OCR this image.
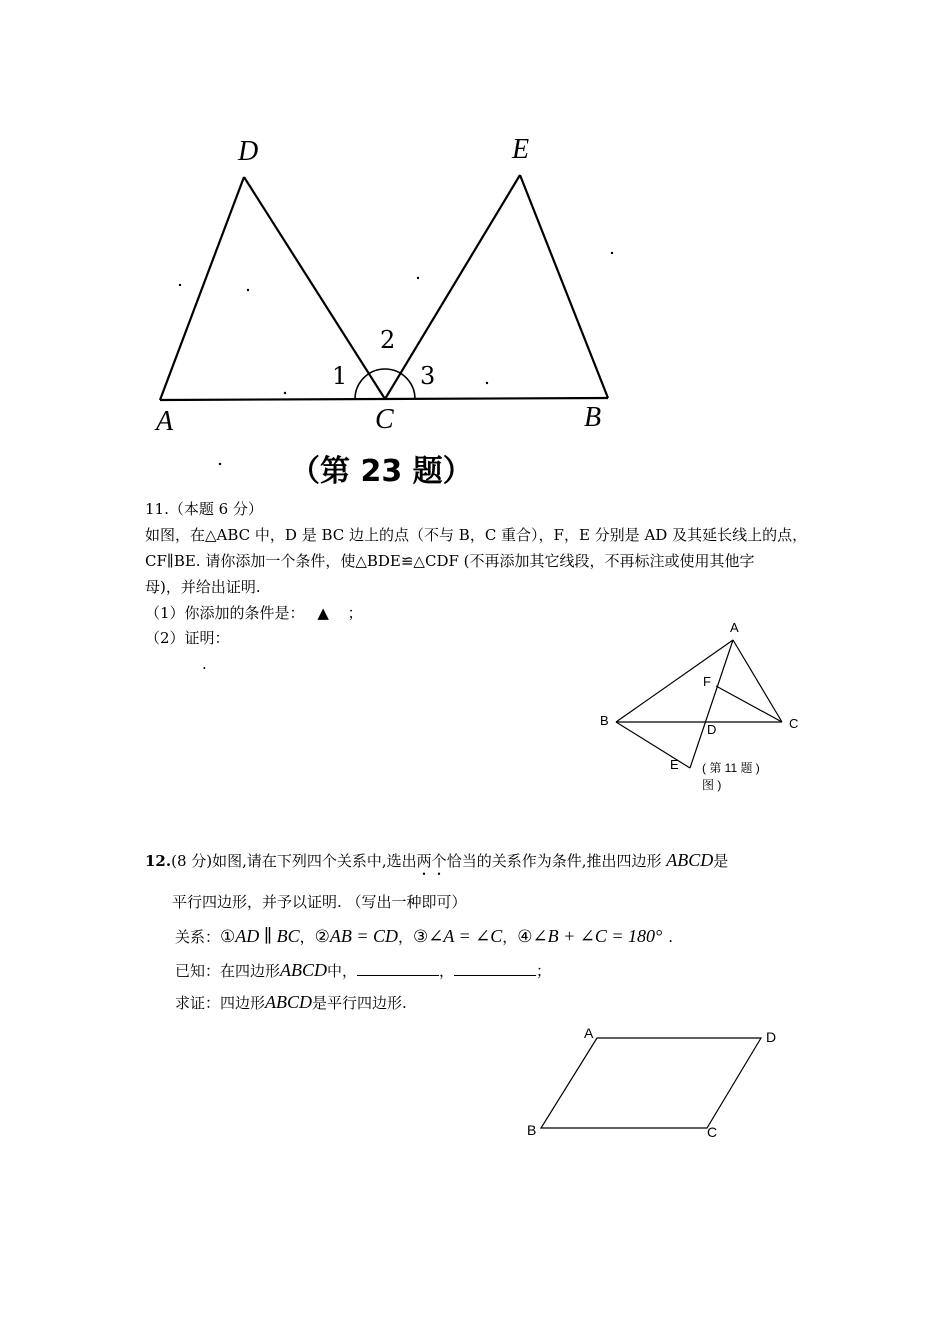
D	E
A	C	B
1
2
3
（第 23 题）
11.（本题 6 分）
如图，在△ABC 中，D 是 BC 边上的点（不与 B，C 重合），F，E 分别是 AD 及其延长线上的点，
CF∥BE. 请你添加一个条件，使△BDE≌△CDF (不再添加其它线段，不再标注或使用其他字
母)，并给出证明.
（1）你添加的条件是： ▲ ；
（2）证明：
.
A
F
B
D	C
E ( 第 11 题 )
图 )
12.(8 分)如图,请在下列四个关系中,选出两个恰当的关系作为条件,推出四边形 ABCD是
平行四边形，并予以证明. （写出一种即可）
关系：①AD ∥ BC，②AB = CD，③∠A = ∠C，④∠B + ∠C = 180° .
已知：在四边形ABCD中，	，	；
求证：四边形ABCD是平行四边形.
A	D
B	C
